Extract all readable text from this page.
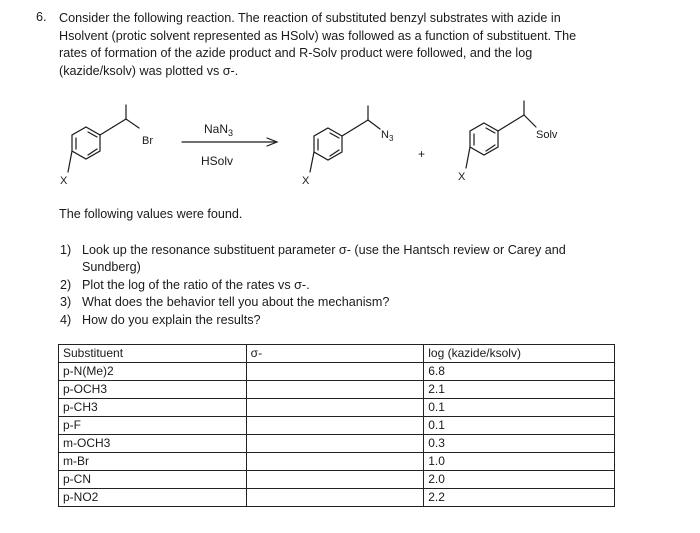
6. Consider the following reaction. The reaction of substituted benzyl substrates with azide in
Hsolvent (protic solvent represented as HSolv) was followed as a function of substituent. The
rates of formation of the azide product and R-Solv product were followed, and the log
(kazide/ksolv) was plotted vs σ-.
Br
X
NaN$_3$
HSolv
$N_3$
X
+
Solv
X
The following values were found.
1) Look up the resonance substituent parameter σ- (use the Hantsch review or Carey and
Sundberg)
2) Plot the log of the ratio of the rates vs σ-.
3) What does the behavior tell you about the mechanism?
4) How do you explain the results?
Substituent	σ-	log (kazide/ksolv)
p-N(Me)2		6.8
p-OCH3		2.1
p-CH3		0.1
p-F		0.1
m-OCH3		0.3
m-Br		1.0
p-CN		2.0
p-NO2		2.2
